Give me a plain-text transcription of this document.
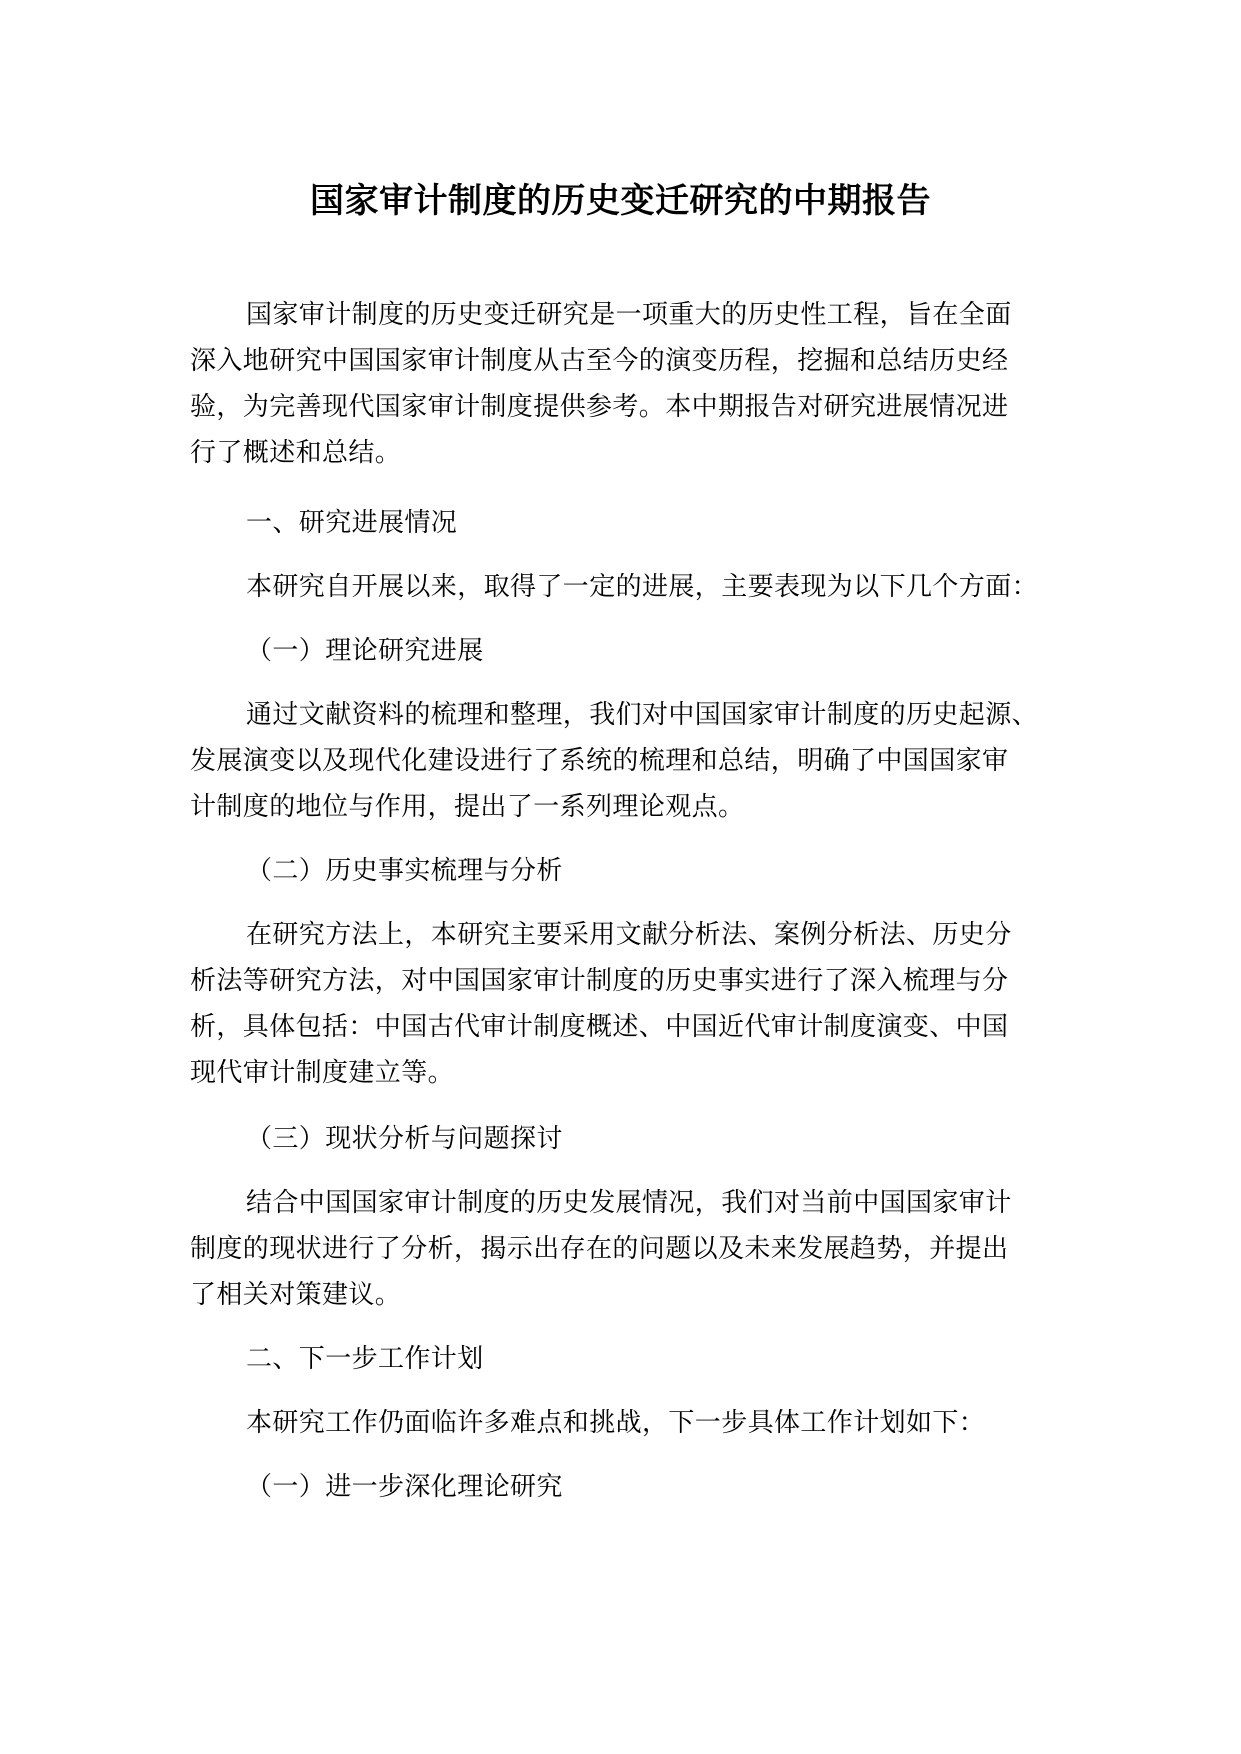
国家审计制度的历史变迁研究的中期报告

国家审计制度的历史变迁研究是一项重大的历史性工程，旨在全面
深入地研究中国国家审计制度从古至今的演变历程，挖掘和总结历史经
验，为完善现代国家审计制度提供参考。本中期报告对研究进展情况进
行了概述和总结。

一、研究进展情况

本研究自开展以来，取得了一定的进展，主要表现为以下几个方面：

（一）理论研究进展

通过文献资料的梳理和整理，我们对中国国家审计制度的历史起源、
发展演变以及现代化建设进行了系统的梳理和总结，明确了中国国家审
计制度的地位与作用，提出了一系列理论观点。

（二）历史事实梳理与分析

在研究方法上，本研究主要采用文献分析法、案例分析法、历史分
析法等研究方法，对中国国家审计制度的历史事实进行了深入梳理与分
析，具体包括：中国古代审计制度概述、中国近代审计制度演变、中国
现代审计制度建立等。

（三）现状分析与问题探讨

结合中国国家审计制度的历史发展情况，我们对当前中国国家审计
制度的现状进行了分析，揭示出存在的问题以及未来发展趋势，并提出
了相关对策建议。

二、下一步工作计划

本研究工作仍面临许多难点和挑战，下一步具体工作计划如下：

（一）进一步深化理论研究
